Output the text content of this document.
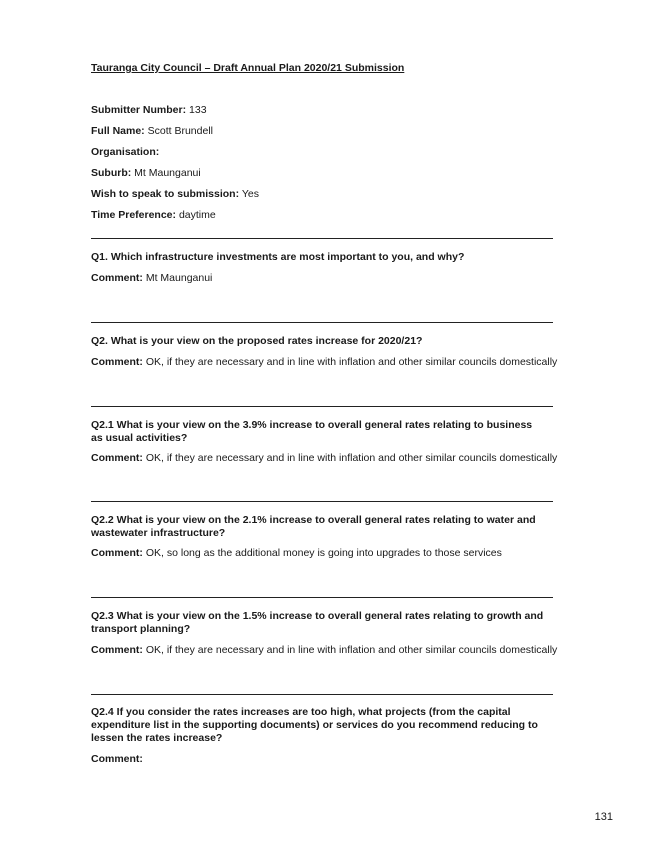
Tauranga City Council – Draft Annual Plan 2020/21 Submission
Submitter Number: 133
Full Name: Scott Brundell
Organisation:
Suburb: Mt Maunganui
Wish to speak to submission: Yes
Time Preference: daytime
Q1. Which infrastructure investments are most important to you, and why?
Comment: Mt Maunganui
Q2. What is your view on the proposed rates increase for 2020/21?
Comment: OK, if they are necessary and in line with inflation and other similar councils domestically
Q2.1 What is your view on the 3.9% increase to overall general rates relating to business as usual activities?
Comment: OK, if they are necessary and in line with inflation and other similar councils domestically
Q2.2 What is your view on the 2.1% increase to overall general rates relating to water and wastewater infrastructure?
Comment: OK, so long as the additional money is going into upgrades to those services
Q2.3 What is your view on the 1.5% increase to overall general rates relating to growth and transport planning?
Comment: OK, if they are necessary and in line with inflation and other similar councils domestically
Q2.4 If you consider the rates increases are too high, what projects (from the capital expenditure list in the supporting documents) or services do you recommend reducing to lessen the rates increase?
Comment:
131
